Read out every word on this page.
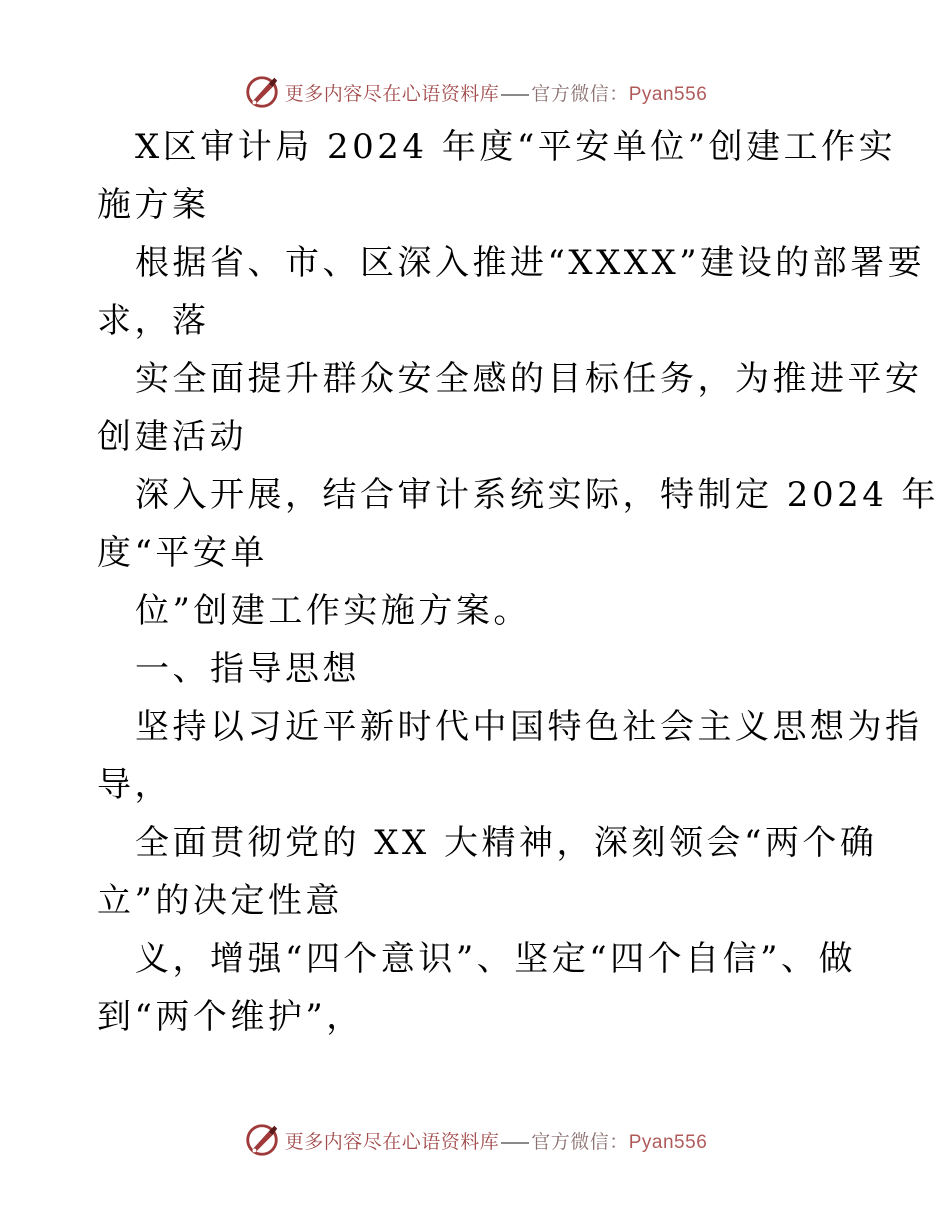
更多内容尽在心语资料库 官方微信：Pyan556
X区审计局 2024 年度“平安单位”创建工作实
施方案
根据省、市、区深入推进“XXXX”建设的部署要
求，落
实全面提升群众安全感的目标任务，为推进平安
创建活动
深入开展，结合审计系统实际，特制定 2024 年
度“平安单
位”创建工作实施方案。
一、指导思想
坚持以习近平新时代中国特色社会主义思想为指
导，
全面贯彻党的 XX 大精神，深刻领会“两个确
立”的决定性意
义，增强“四个意识”、坚定“四个自信”、做
到“两个维护”，
更多内容尽在心语资料库 官方微信：Pyan556
